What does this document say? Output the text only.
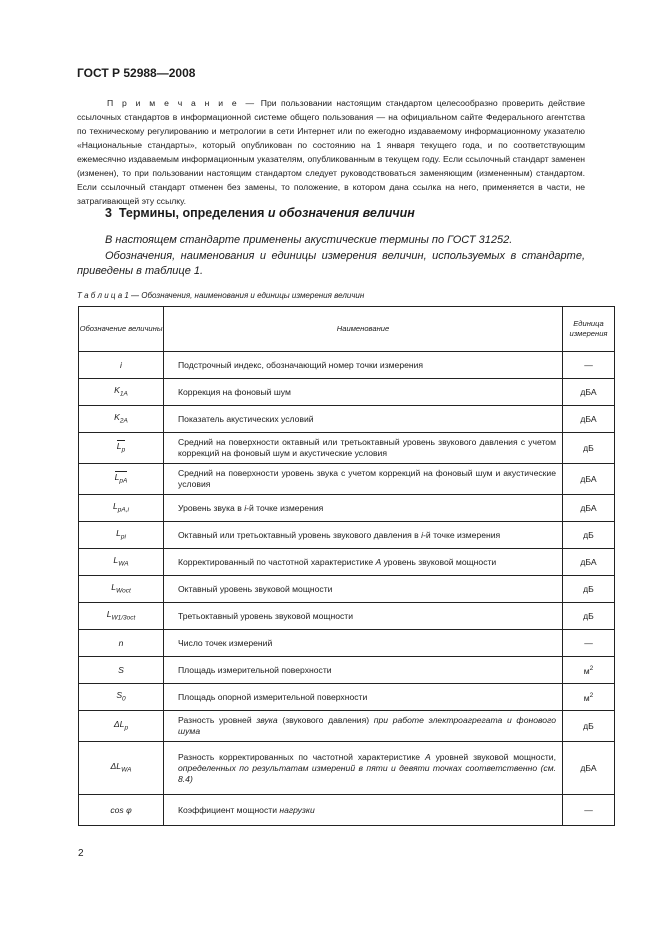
ГОСТ Р 52988—2008
П р и м е ч а н и е — При пользовании настоящим стандартом целесообразно проверить действие ссылочных стандартов в информационной системе общего пользования — на официальном сайте Федерального агентства по техническому регулированию и метрологии в сети Интернет или по ежегодно издаваемому информационному указателю «Национальные стандарты», который опубликован по состоянию на 1 января текущего года, и по соответствующим ежемесячно издаваемым информационным указателям, опубликованным в текущем году. Если ссылочный стандарт заменен (изменен), то при пользовании настоящим стандартом следует руководствоваться заменяющим (измененным) стандартом. Если ссылочный стандарт отменен без замены, то положение, в котором дана ссылка на него, применяется в части, не затрагивающей эту ссылку.
3 Термины, определения и обозначения величин

В настоящем стандарте применены акустические термины по ГОСТ 31252.

Обозначения, наименования и единицы измерения величин, используемых в стандарте, приведены в таблице 1.

Т а б л и ц а 1 — Обозначения, наименования и единицы измерения величин
Обозначение величины	Наименование	Единица измерения
i	Подстрочный индекс, обозначающий номер точки измерения	—
$K_{1A}$	Коррекция на фоновый шум	дБА
$K_{2A}$	Показатель акустических условий	дБА
$L_p$	Средний на поверхности октавный или третьоктавный уровень звукового давления с учетом коррекций на фоновый шум и акустические условия	дБ
$L_{pA}$	Средний на поверхности уровень звука с учетом коррекций на фоновый шум и акустические условия	дБА
$L_{pA,i}$	Уровень звука в i-й точке измерения	дБА
$L_{pi}$	Октавный или третьоктавный уровень звукового давления в i-й точке измерения	дБ
$L_{WA}$	Корректированный по частотной характеристике A уровень звуковой мощности	дБА
$L_{Woct}$	Октавный уровень звуковой мощности	дБ
$L_{W1/3oct}$	Третьоктавный уровень звуковой мощности	дБ
n	Число точек измерений	—
S	Площадь измерительной поверхности	$м^2$
$S_0$	Площадь опорной измерительной поверхности	$м^2$
$\Delta L_p$	Разность уровней звука (звукового давления) при работе электроагрегата и фонового шума	дБ
$\Delta L_{WA}$	Разность корректированных по частотной характеристике А уровней звуковой мощности, определенных по результатам измерений в пяти и девяти точках соответственно (см. 8.4)	дБА
cos φ	Коэффициент мощности нагрузки	—
2
